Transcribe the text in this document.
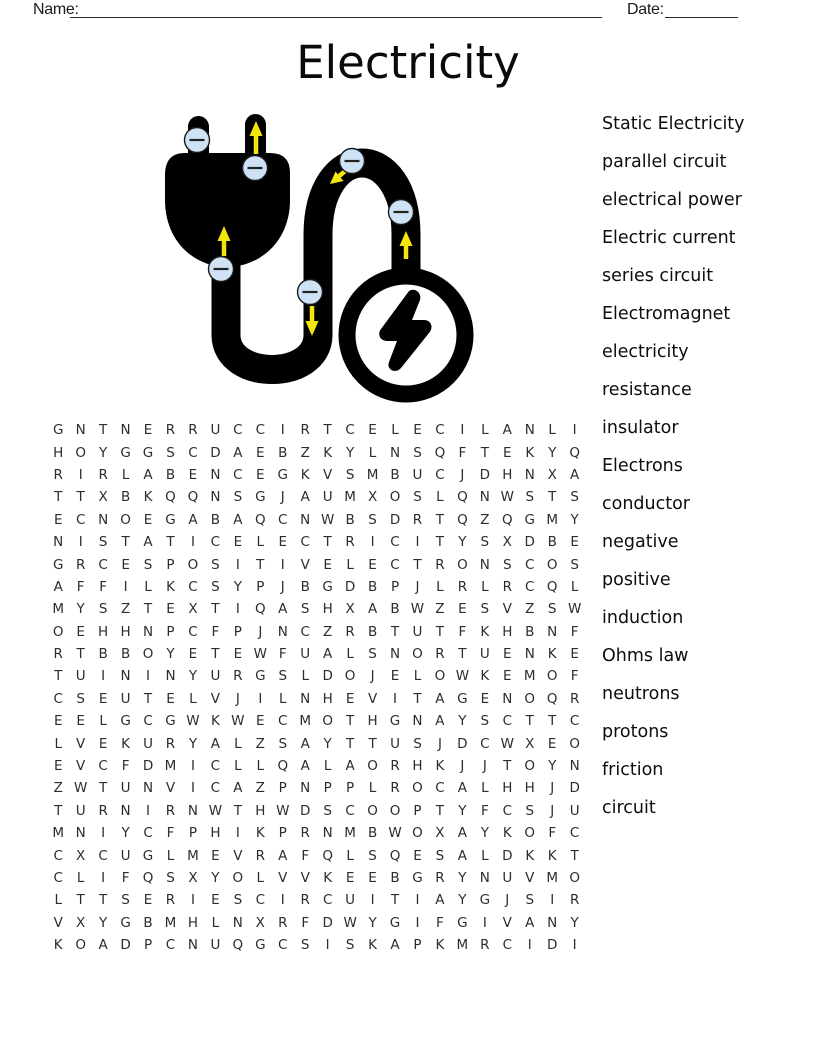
Name:	Date:
Electricity
G N T N E	R R U C C	I	R	T	C E	L	E C	I	L	A N	L	I
H O Y G G S C D A	E	B Z K	Y	L	N S Q F	T	E	K	Y Q
R	I	R	L	A B	E N C E G K V	S M B U C	J	D H N X A
T	T	X B K Q Q N S G	J	A U M X O S	L Q N W S	T	S
E C N O E G A B A Q C N W B	S D R	T Q Z Q G M Y
N	I	S	T	A	T	I	C E	L	E C	T	R	I	C	I	T	Y	S	X D B	E
G R C E	S	P O S	I	T	I	V	E	L	E C	T	R O N S C O S
A	F	F	I	L	K C S	Y	P	J	B G D B	P	J	L	R	L	R C Q L
M Y	S	Z	T	E	X	T	I	Q A	S H X A B W Z	E	S	V Z	S W
O E H H N P	C	F	P	J	N C Z R B	T U T	F	K H B N	F
R	T	B B O Y	E	T	E W F	U A	L	S N O R	T U E N K	E
T U	I	N	I	N Y U R G S	L D O	J	E	L O W K	E M O F
C S	E U T	E	L	V	J	I	L	N H E	V	I	T	A G E N O Q R
E	E	L G C G W K W E C M O T H G N A	Y	S C	T	T	C
L	V	E	K U R	Y	A	L	Z	S	A	Y	T	T U S	J	D C W X	E O
E	V C	F D M	I	C	L	L Q A	L	A O R H K	J	J	T O Y N
Z W T U N V	I	C A Z	P N P	P	L	R O C A	L	H H	J	D
T U R N	I	R N W T H W D S C O O P	T	Y	F	C S	J	U
M N	I	Y	C	F	P H	I	K	P	R N M B W O X A	Y	K O F	C
C X C U G L M E	V R A	F Q L	S Q E	S	A	L D K	K	T
C	L	I	F Q S	X	Y O L	V V K	E	E	B G R	Y N U V M O
L	T	T	S	E	R	I	E	S C	I	R C U	I	T	I	A	Y G	J	S	I	R
V X	Y G B M H	L	N X R	F D W Y G	I	F G	I	V A N Y
K O A D P	C N U Q G C S	I	S	K A	P	K M R C	I	D	I
Static Electricity
parallel circuit
electrical power
Electric current
series circuit
Electromagnet
electricity
resistance
insulator
Electrons
conductor
negative
positive
induction
Ohms law
neutrons
protons
friction
circuit
